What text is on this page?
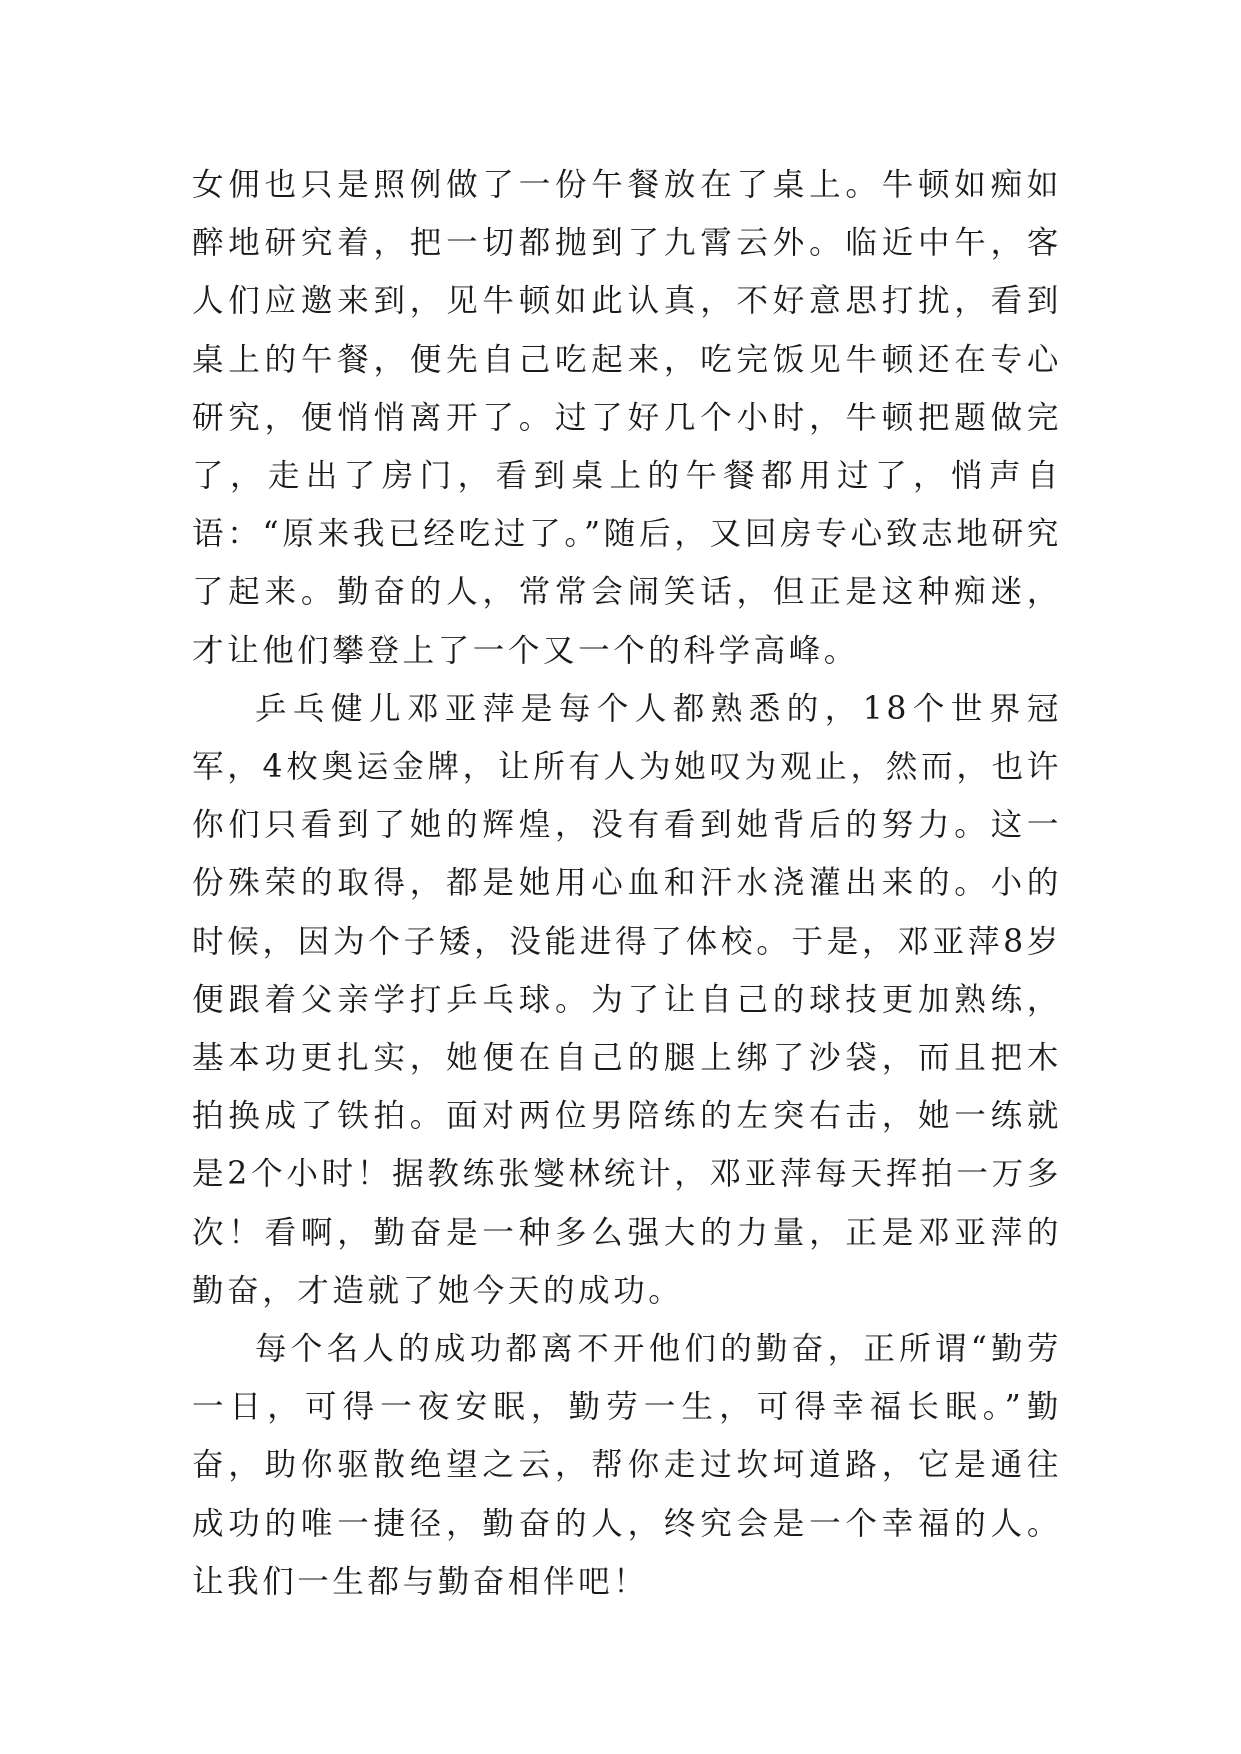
女佣也只是照例做了一份午餐放在了桌上。牛顿如痴如醉地研究着，把一切都抛到了九霄云外。临近中午，客人们应邀来到，见牛顿如此认真，不好意思打扰，看到桌上的午餐，便先自己吃起来，吃完饭见牛顿还在专心研究，便悄悄离开了。过了好几个小时，牛顿把题做完了，走出了房门，看到桌上的午餐都用过了，悄声自语：“原来我已经吃过了。”随后，又回房专心致志地研究了起来。勤奋的人，常常会闹笑话，但正是这种痴迷，才让他们攀登上了一个又一个的科学高峰。

乒乓健儿邓亚萍是每个人都熟悉的，18个世界冠军，4枚奥运金牌，让所有人为她叹为观止，然而，也许你们只看到了她的辉煌，没有看到她背后的努力。这一份殊荣的取得，都是她用心血和汗水浇灌出来的。小的时候，因为个子矮，没能进得了体校。于是，邓亚萍8岁便跟着父亲学打乒乓球。为了让自己的球技更加熟练，基本功更扎实，她便在自己的腿上绑了沙袋，而且把木拍换成了铁拍。面对两位男陪练的左突右击，她一练就是2个小时！据教练张燮林统计，邓亚萍每天挥拍一万多次！看啊，勤奋是一种多么强大的力量，正是邓亚萍的勤奋，才造就了她今天的成功。

每个名人的成功都离不开他们的勤奋，正所谓“勤劳一日，可得一夜安眠，勤劳一生，可得幸福长眠。”勤奋，助你驱散绝望之云，帮你走过坎坷道路，它是通往成功的唯一捷径，勤奋的人，终究会是一个幸福的人。让我们一生都与勤奋相伴吧！
